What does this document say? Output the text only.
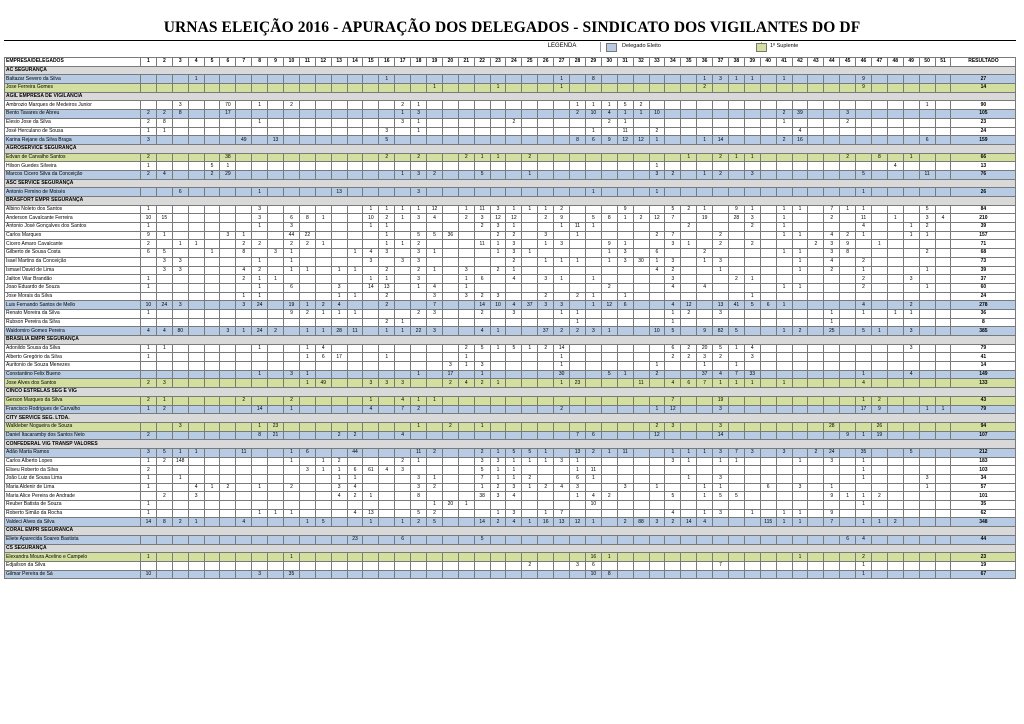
URNAS ELEIÇÃO 2016 - APURAÇÃO DOS DELEGADOS - SINDICATO DOS VIGILANTES DO DF
LEGENDA	Delegado Eleito	1º Suplente
EMPRESA/DELEGADOS	1	2	3	4	5	6	7	8	9	10	11	12	13	14	15	16	17	18	19	20	21	22	23	24	25	26	27	28	29	30	31	32	33	34	35	36	37	38	39	40	41	42	43	44	45	46	47	48	49	50	51	RESULTADO
AC SEGURANÇA																																																				
Baltazar Severo da Silva				1												1											1		8							1	3	1	1		1					9						27
Jose Ferreira Gomes																			1				1				1									2										9						14
AGIL EMPRESA DE VIGILANCIA																																																				
Ambrozio Marques de Medeiros Junior			3			70		1		2							2	1										1	1	1	5	2																		1		90
Bento Tavares de Abreu	2	2	8			17											1	3										2	10	4	1	1	10								2	39			3							105
Elesio Jose da Silva	2	8						1									3	1						2						2	1										1				2							23
José Herculano de Sousa	1	1														3		1											1		11		2									4										24
Karina Rejane da Silva Braga	3						49		13							5												8	6	9	12	12	1			1	14				2	16								6		159
AGROSERVICE SEGURANÇA																																																				
Edvan de Carvalho Santos	2					38										2		2			2	1	1		2										1		2	1	1						2		8		1			66
Hilson Guedes Silveira	1				5	1																											1															4				13
Marcos Cicero Silva da Conceição	2	4			2	29											1	3	2			5			1								3	2		1	2		3							5				11		76
ASC SERVICE SEGURANÇA																																																				
Antonio Firmino de Moisés			6					1					13					3											1				1													1						26
BRASFORT EMPR SEGURANÇA																																																				
Albino Noleto dos Santos	1							3							1	1	1	1	12		1	11	3	1	1	1	2				9			5	2	1		9	1		1	1		7	1	1				5		84
Anderson Cavalcante Ferreira	10	15						3		6	8	1			10	2	1	3	4		2	3	12	12		2	9		5	8	1	2	12	7		19		28	3		1			2		11		1		3	4	210
Antonio José Gonçalves dos Santos	1							1		3					1	1						2	3	1			1	11	1						2				2		1					4			1	2		39
Carlos Marques	9	1				3	1			44	22					1		5	5	36			2	2		3		1					2	7			2				1	1		4	2	1			1	1		157
Cicero Amaro Cavalcante	2		1	1			2	2		2	2	1				1	1	2				11	1	3		1	3			9	1			3	1		2		2				2	3	9		1					71
Gilberto de Sousa Costa	6	5			1		8		3	1				1	4	3		3	1				1	3	1					1	3		6			2					1	1		3	8					2		68
Isael Martins da Conceição		3	3					1		1					3		3	3						2		1	1	1		1	3	30	1	3		1	3					1		4		2						73
Ismael David de Lima		3	3				4	2		1	1		1	1		2		2	1		3		2	1									4	2			1					1		2		1				1		39
Jailton Vilar Brandão	1						2	1	1						1	1		3			1	6		4		3	1		1					3				2	1							2			3			37
Joao Eduardo de Souza	1							1		6			3		14	13		1	4		1									2				4		4					1	1				2				1		60
Jose Morais da Silva							1	1					1	1		2			3		3	2	3			2		2	1		1								1													24
Luis Fernando Santos de Mello	10	24	3				3	24		19	1	2	4			2			7			14	10	4	37	3	3		1	12	6			4	12		13	41	5	6	1					4			2			278
Renato Moreira da Silva	1									9	2	1	1	1				2	3			2		3			1	1						1	2		3							1		1		1	1			36
Rubson Pereira da Silva																2	1											1						1										1								8
Waldomiro Gomes Pereira	4	4	80			3	1	24	2		1	1	28	11		1	1	22	3			4	1			37	2	2	3	1			10	5		9	82	5			1	2		25		5	1		3			385
BRASILIA EMPR SEGURANÇA																																																				
Adonildo Sousa da Silva	1	1						1			1	4									2	5	1	5	1	2	14							6	2	20	5	1	4										3			79
Alberto Gregório da Silva	1										1	6	17			1					1						1							2	2	3	2		3													41
Auritonio de Souza Menezes																				3	1	3					1						1			1		1														14
Constantino Felix Bueno								1		3	1							1		17		1					30			5	1		2			37	4	7	33							1			4			149
Jose Alves dos Santos	2	3									1	49			3	3	3			2	4	2	1				1	23				11		4	6	7	1	1	1		1					4						133
CINCO ESTRELAS SEG E VIG																																																				
Gerson Marques da Silva	2	1					2			2					1		4	1	1															7			19									1	2					43
Francisco Rodrigues de Carvalho	1	2						14		1					4		7	2									2						1	12			3									17	9			1	1	79
CITY SERVICE SEG. LTDA.																																																				
Walkleber Nogueira de Souza			3					1	23									1		2		1											2	3			3							28			26					94
Daniel Itacaramby dos Santos Neto	2							8	21				2	2			4											7	6				12				14								9	1	19					107
CONFEDERAL VIG TRANSP VALORES																																																				
Adão Marta Ramos	3	5	1	1			11			1	6			44				11	2			2	1	5	5	1		13	2	1	11			1	1	1	3	7	3		3		2	24		35			5			212
Carlos Alberto Lopes	1	2	148							1		1	2				2	1				3	3	1	1	1	3	1						3	1		1	1				1		3		1						183
Eliseu Roberto da Silva	2										3	1	1	6	61	4	3					5	1	1				1	11																	1						103
João Luiz de Sousa Lima	1		1										1	1				3	1			7	1	1	2			6	1						1		3									1				3		34
Maria Aldenir de Lima	1			4	1	2		1		2			3	4				3	2			1	2	3	1	2	4	3			3		1			1	1			6		3		1						1		57
Maria Alice Pereira de Andrade		2		3									4	2	1			8				38	3	4				1	4	2				5		1	5	5						9	1	1	2					101
Reuber Batista de Souza	1																		1	20	1								10																	1						35
Roberto Simão da Rocha	1							1	1	1				4	13			5	2				1	3		1	7							4		1	3		1		1	1		9								62
Valdeci Alves da Silva	14	8	2	1			4				1	5			1		1	2	5			14	2	4	1	16	13	12	1		2	88	3	2	14	4				115	1	1		7		1	1	2				348
CORAL EMPR SEGURANCA																																																				
Eliete Aparecida Soares Bastista														23			6					5																							6	4						44
CS SEGURANÇA																																																				
Elexandra Moura Acelino e Campelo	1									1																			16	1												1				2						23
Edjailson da Silva																									2			3	6								7									1						19
Gilmar Pereira de Sá	10							3		35																			10	8																1						67
